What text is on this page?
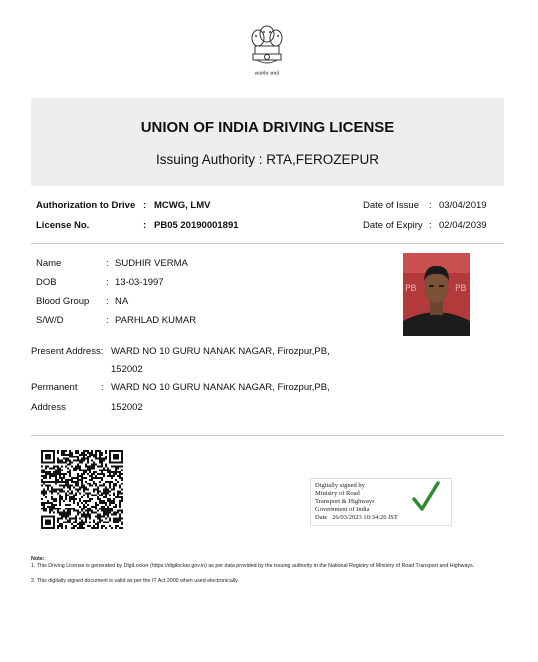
सत्यमेव जयते
UNION OF INDIA DRIVING LICENSE
Issuing Authority : RTA,FEROZEPUR
Authorization to Drive : MCWG, LMV
License No.	: PB05 20190001891
Date of Issue : 03/04/2019
Date of Expiry : 02/04/2039
Name	: SUDHIR VERMA
DOB	: 13-03-1997
Blood Group : NA
S/W/D	: PARHLAD KUMAR
PB	PB
Present Address: WARD NO 10 GURU NANAK NAGAR, Firozpur,PB,
152002
Permanent : WARD NO 10 GURU NANAK NAGAR, Firozpur,PB,
Address	152002
Digitally signed by
Ministry of Road
Transport & Highways
Government of India
Date 26/03/2023 10:34:26 IST
Note:
1. This Driving License is generated by DigiLocker (https://digilocker.gov.in) as per data provided by the issuing authority in the National Registry of Ministry of Road Transport and Highways.
2. This digitally signed document is valid as per the IT Act 2000 when used electronically.
